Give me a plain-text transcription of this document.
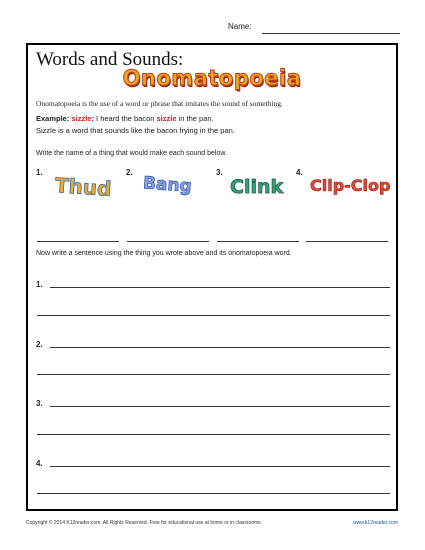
Name:
Words and Sounds:
Onomatopoeia
Onomatopoeia is the use of a word or phrase that imitates the sound of something.
Example: sizzle: I heard the bacon sizzle in the pan.
Sizzle is a word that sounds like the bacon frying in the pan.
Write the name of a thing that would make each sound below.
1.
Thud
2.
Bang
3.
Clink
4.
Clip-Clop
Now write a sentence using the thing you wrote above and its onomatopoeia word.
1.
2.
3.
4.
Copyright © 2014 K12reader.com. All Rights Reserved. Free for educational use at home or in classrooms.	www.k12reader.com
